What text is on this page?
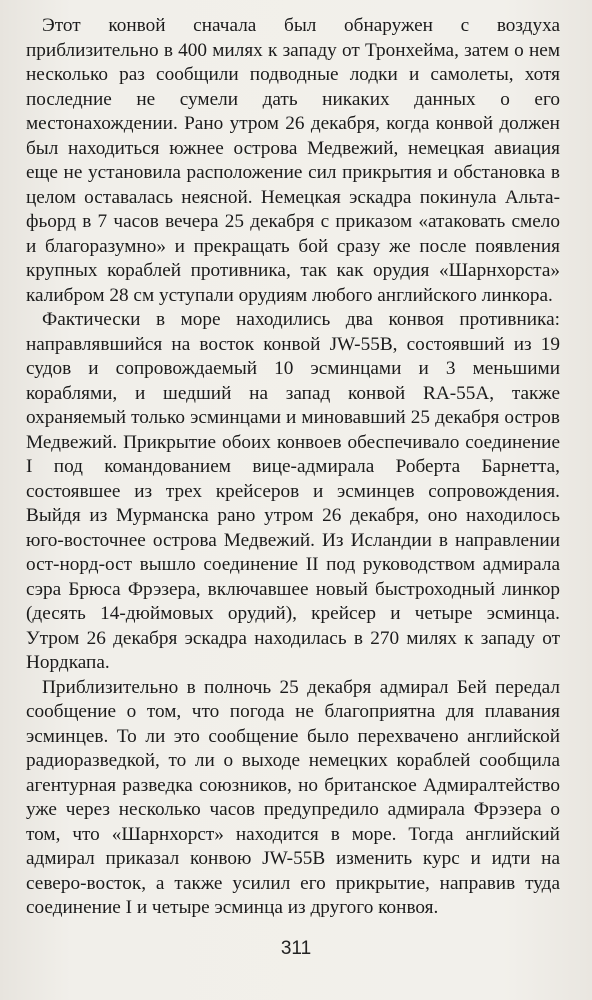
Этот конвой сначала был обнаружен с воздуха приблизительно в 400 милях к западу от Тронхейма, затем о нем несколько раз сообщили подводные лодки и самолеты, хотя последние не сумели дать никаких данных о его местонахождении. Рано утром 26 декабря, когда конвой должен был находиться южнее острова Медвежий, немецкая авиация еще не установила расположение сил прикрытия и обстановка в целом оставалась неясной. Немецкая эскадра покинула Альта-фьорд в 7 часов вечера 25 декабря с приказом «атаковать смело и благоразумно» и прекращать бой сразу же после появления крупных кораблей противника, так как орудия «Шарнхорста» калибром 28 см уступали орудиям любого английского линкора.

Фактически в море находились два конвоя противника: направлявшийся на восток конвой JW-55B, состоявший из 19 судов и сопровождаемый 10 эсминцами и 3 меньшими кораблями, и шедший на запад конвой RA-55A, также охраняемый только эсминцами и миновавший 25 декабря остров Медвежий. Прикрытие обоих конвоев обеспечивало соединение I под командованием вице-адмирала Роберта Барнетта, состоявшее из трех крейсеров и эсминцев сопровождения. Выйдя из Мурманска рано утром 26 декабря, оно находилось юго-восточнее острова Медвежий. Из Исландии в направлении ост-норд-ост вышло соединение II под руководством адмирала сэра Брюса Фрэзера, включавшее новый быстроходный линкор (десять 14-дюймовых орудий), крейсер и четыре эсминца. Утром 26 декабря эскадра находилась в 270 милях к западу от Нордкапа.

Приблизительно в полночь 25 декабря адмирал Бей передал сообщение о том, что погода не благоприятна для плавания эсминцев. То ли это сообщение было перехвачено английской радиоразведкой, то ли о выходе немецких кораблей сообщила агентурная разведка союзников, но британское Адмиралтейство уже через несколько часов предупредило адмирала Фрэзера о том, что «Шарнхорст» находится в море. Тогда английский адмирал приказал конвою JW-55B изменить курс и идти на северо-восток, а также усилил его прикрытие, направив туда соединение I и четыре эсминца из другого конвоя.

311
